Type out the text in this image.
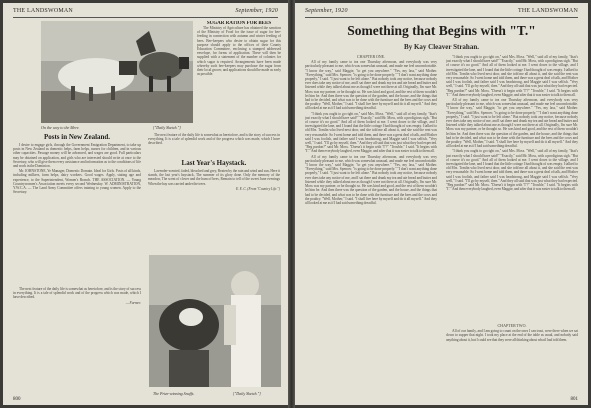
THE LANDSWOMAN	September, 1920
On the way to the Mere.	["Daily Sketch."]
SUGAR RATION FOR BEES

The Ministry of Agriculture has obtained the sanction of the Ministry of Food for the issue of sugar for bee-feeding in connection with autumn and winter feeding of bees. Bee-keepers who desire to obtain sugar for this purpose should apply to the offices of their County Education Committee, enclosing a stamped addressed envelope, for forms of application. These will then be supplied with a statement of the number of colonies for which sugar is required. Arrangements have been made whereby such bee-keepers may purchase the sugar from their local grocer, and applications should be made as early as possible.

Posts in New Zealand.

I desire to engage girls, through the Government Emigration Department, to take up posts in New Zealand as domestic helps, farm helps, nurses for children, and in various other capacities. Passage money will be advanced, and wages are good. Full particulars may be obtained on application, and girls who are interested should write at once to the Secretary, who will give them every assistance and information as to the conditions of life and work in the Dominion.

Mr. JOHNSTONE, Ye Manager, Domestic Domain. Ideal for Girls. Posts of all kinds, including milkers, farm helps, dairy workers. Good wages. Apply, stating age and experience, to the Superintendent, Women's Branch. THE ASSOCIATION. — Young Countrywomen's Association meets every second Wednesday. W. ADMINISTRATION, Y.W.C.A. — The Land Army Committee offers training to young women. Apply to the Secretary.

The next feature of the daily life is somewhat as heretofore, and is the story of success in everything. It is a tale of splendid work and of the progress which was made, which I have described.

Last Year's Haystack.

Lavender-scented, faded, bleached and grey, Beaten by the rain and wind and sun, Here it stands, the last year's haystack, The summer of its glory done. Only the memory of the meadow, The scent of clover and the hum of bees, Remain to tell of the sweet June evenings When the hay was carried under the trees.

E. E. C. (From "Country Life.")

The next feature of the daily life is somewhat as heretofore, and is the story of success in everything. It is a tale of splendid work and of the progress which was made, which I have described.

— Farmer.
The Prize-winning Snuffs.	["Daily Sketch."]
800
September, 1920	THE LANDSWOMAN
Something that Begins with "T."
By Kay Cleaver Strahan.
CHAPTER ONE.

All of my family came to tea one Thursday afternoon, and everybody was very particularly pleasant to me, which was somewhat unusual, and made me feel uncomfortable. "I know the way," said Maggie, "to get you anywhere." "Yes, my lass," said Mother. "Everything," said Mrs. Spencer, "is going to be done properly." "I don't want anything done properly," I said. "I just want to be left alone." But nobody took any notice, because nobody ever does take any notice of me, and I sat there and drank my tea and ate bread and butter and listened while they talked about me as though I were not there at all. Originally, I'm sure Mr. Moss was my partner, or he thought so. He was kind and good, and the rest of them wouldn't let him be. And then there was the question of the garden, and the house, and the things that had to be decided, and what was to be done with the furniture and the bees and the cows and the poultry. "Well, Mother," I said. "I shall live here by myself and do it all myself." And they all looked at me as if I had said something dreadful.

"I think you ought to go right on," said Mrs. Moss. "Well," said all of my family, "that's just exactly what I should have said!" "Exactly," said Mr. Moss, with a prodigious sigh. "But of course it's no good." And all of them looked at me. I went down to the village, and I investigated the lane, and I found that the little cottage I had thought of was empty. I talked to old Mrs. Tomlin who lived next door, and she told me all about it, and she said the rent was very reasonable. So I went home and told them, and there was a great deal of talk, and Mother said I was foolish, and father said I was headstrong, and Maggie said I was selfish. "Very well," I said. "I'll go by myself, then." And they all said that was just what they had expected. "Beg pardon?" said Mr. Moss. "Doesn't it begin with 'T'?" "Trouble," I said. "It begins with 'T.'" And then everybody laughed, even Maggie, and after that it was easier to talk to them all.

All of my family came to tea one Thursday afternoon, and everybody was very particularly pleasant to me, which was somewhat unusual, and made me feel uncomfortable. "I know the way," said Maggie, "to get you anywhere." "Yes, my lass," said Mother. "Everything," said Mrs. Spencer, "is going to be done properly." "I don't want anything done properly," I said. "I just want to be left alone." But nobody took any notice, because nobody ever does take any notice of me, and I sat there and drank my tea and ate bread and butter and listened while they talked about me as though I were not there at all. Originally, I'm sure Mr. Moss was my partner, or he thought so. He was kind and good, and the rest of them wouldn't let him be. And then there was the question of the garden, and the house, and the things that had to be decided, and what was to be done with the furniture and the bees and the cows and the poultry. "Well, Mother," I said. "I shall live here by myself and do it all myself." And they all looked at me as if I had said something dreadful.

"I think you ought to go right on," said Mrs. Moss. "Well," said all of my family, "that's just exactly what I should have said!" "Exactly," said Mr. Moss, with a prodigious sigh. "But of course it's no good." And all of them looked at me. I went down to the village, and I investigated the lane, and I found that the little cottage I had thought of was empty. I talked to old Mrs. Tomlin who lived next door, and she told me all about it, and she said the rent was very reasonable. So I went home and told them, and there was a great deal of talk, and Mother said I was foolish, and father said I was headstrong, and Maggie said I was selfish. "Very well," I said. "I'll go by myself, then." And they all said that was just what they had expected. "Beg pardon?" said Mr. Moss. "Doesn't it begin with 'T'?" "Trouble," I said. "It begins with 'T.'" And then everybody laughed, even Maggie, and after that it was easier to talk to them all.

All of my family came to tea one Thursday afternoon, and everybody was very particularly pleasant to me, which was somewhat unusual, and made me feel uncomfortable. "I know the way," said Maggie, "to get you anywhere." "Yes, my lass," said Mother. "Everything," said Mrs. Spencer, "is going to be done properly." "I don't want anything done properly," I said. "I just want to be left alone." But nobody took any notice, because nobody ever does take any notice of me, and I sat there and drank my tea and ate bread and butter and listened while they talked about me as though I were not there at all. Originally, I'm sure Mr. Moss was my partner, or he thought so. He was kind and good, and the rest of them wouldn't let him be. And then there was the question of the garden, and the house, and the things that had to be decided, and what was to be done with the furniture and the bees and the cows and the poultry. "Well, Mother," I said. "I shall live here by myself and do it all myself." And they all looked at me as if I had said something dreadful.

"I think you ought to go right on," said Mrs. Moss. "Well," said all of my family, "that's just exactly what I should have said!" "Exactly," said Mr. Moss, with a prodigious sigh. "But of course it's no good." And all of them looked at me. I went down to the village, and I investigated the lane, and I found that the little cottage I had thought of was empty. I talked to old Mrs. Tomlin who lived next door, and she told me all about it, and she said the rent was very reasonable. So I went home and told them, and there was a great deal of talk, and Mother said I was foolish, and father said I was headstrong, and Maggie said I was selfish. "Very well," I said. "I'll go by myself, then." And they all said that was just what they had expected. "Beg pardon?" said Mr. Moss. "Doesn't it begin with 'T'?" "Trouble," I said. "It begins with 'T.'" And then everybody laughed, even Maggie, and after that it was easier to talk to them all.

CHAPTER TWO.

All of our family, and I am going to count on the ones I can trust, were there when we sat down to supper that night. I took my place at the end of the table as usual, and nobody said anything about it, but I could see that they were all thinking about what I had told them.

801
